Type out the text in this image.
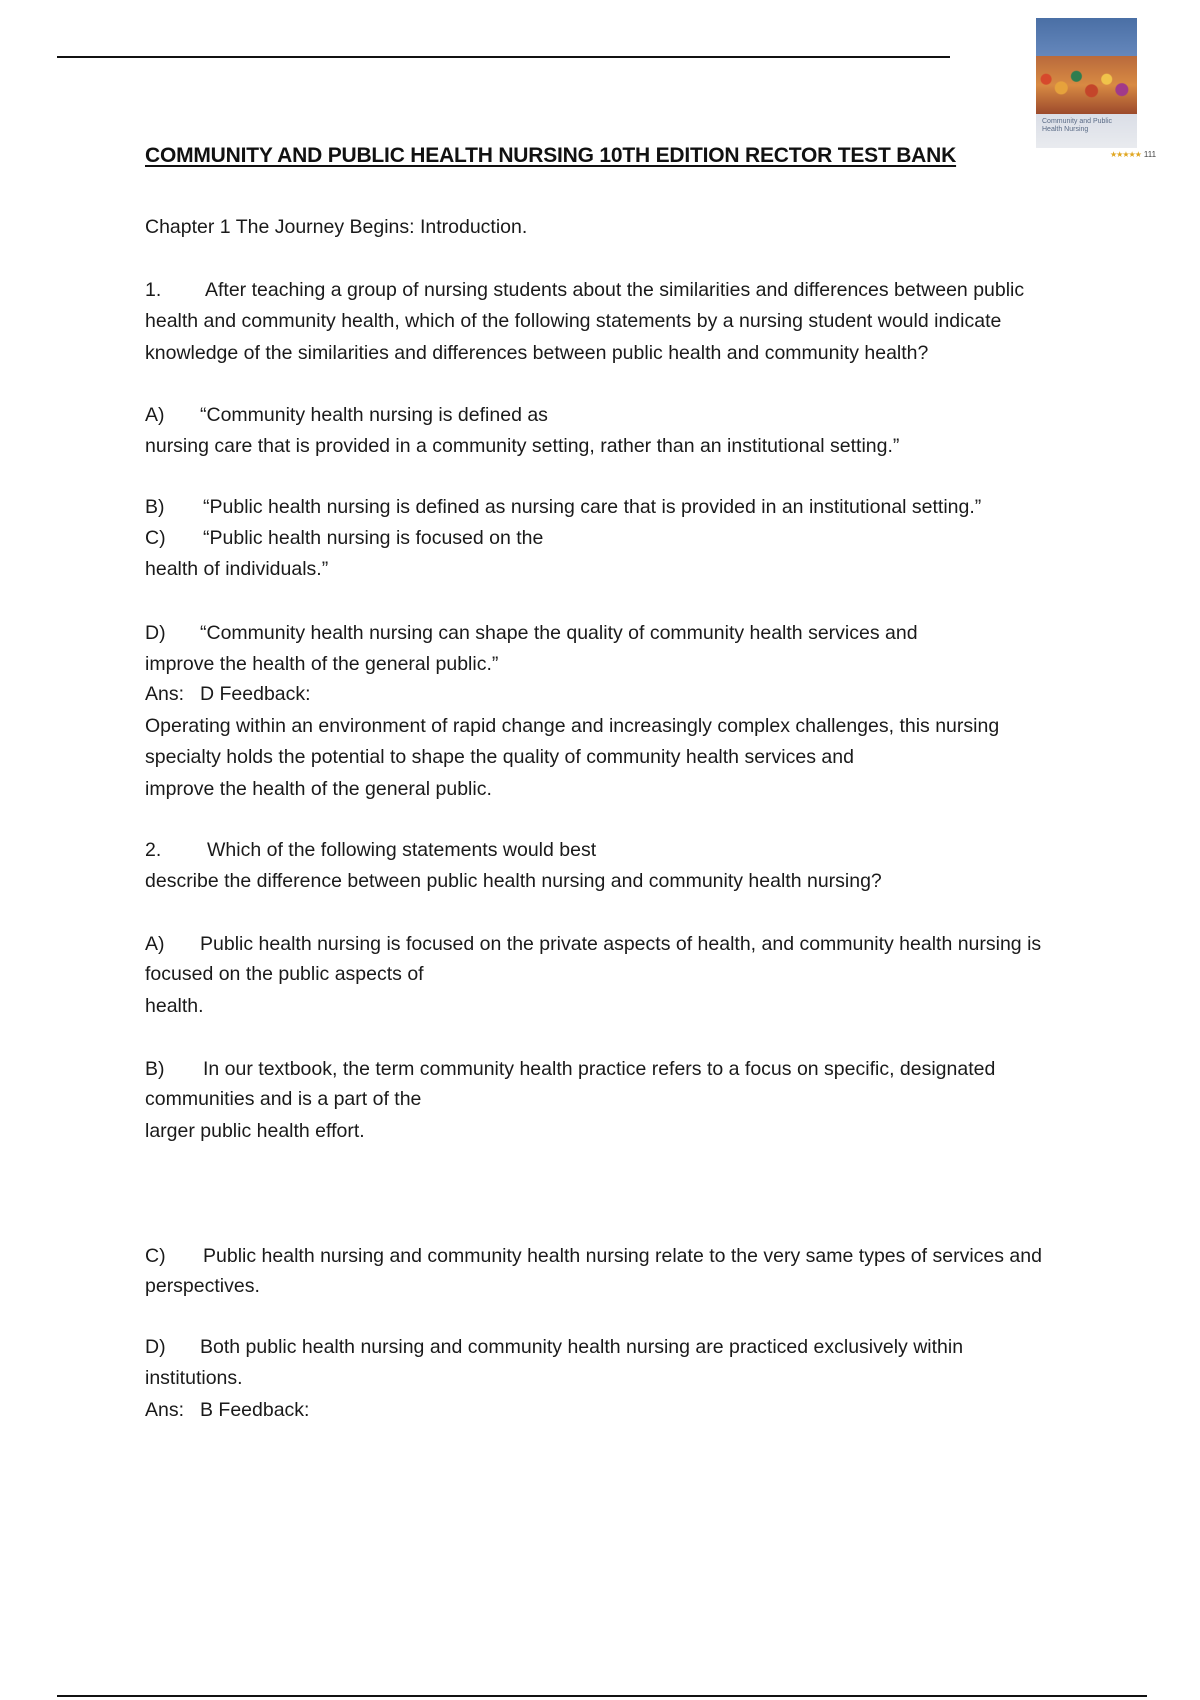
Community and Public Health Nursing
★★★★★ 111
COMMUNITY AND PUBLIC HEALTH NURSING 10TH EDITION RECTOR TEST BANK

Chapter 1 The Journey Begins: Introduction.

1. After teaching a group of nursing students about the similarities and differences between public

health and community health, which of the following statements by a nursing student would indicate

knowledge of the similarities and differences between public health and community health?

A) “Community health nursing is defined as

nursing care that is provided in a community setting, rather than an institutional setting.”

B) “Public health nursing is defined as nursing care that is provided in an institutional setting.”

C) “Public health nursing is focused on the

health of individuals.”

D) “Community health nursing can shape the quality of community health services and

improve the health of the general public.”

Ans: D Feedback:

Operating within an environment of rapid change and increasingly complex challenges, this nursing

specialty holds the potential to shape the quality of community health services and

improve the health of the general public.

2. Which of the following statements would best

describe the difference between public health nursing and community health nursing?

A) Public health nursing is focused on the private aspects of health, and community health nursing is

focused on the public aspects of

health.

B) In our textbook, the term community health practice refers to a focus on specific, designated

communities and is a part of the

larger public health effort.

C) Public health nursing and community health nursing relate to the very same types of services and

perspectives.

D) Both public health nursing and community health nursing are practiced exclusively within

institutions.

Ans: B Feedback:
